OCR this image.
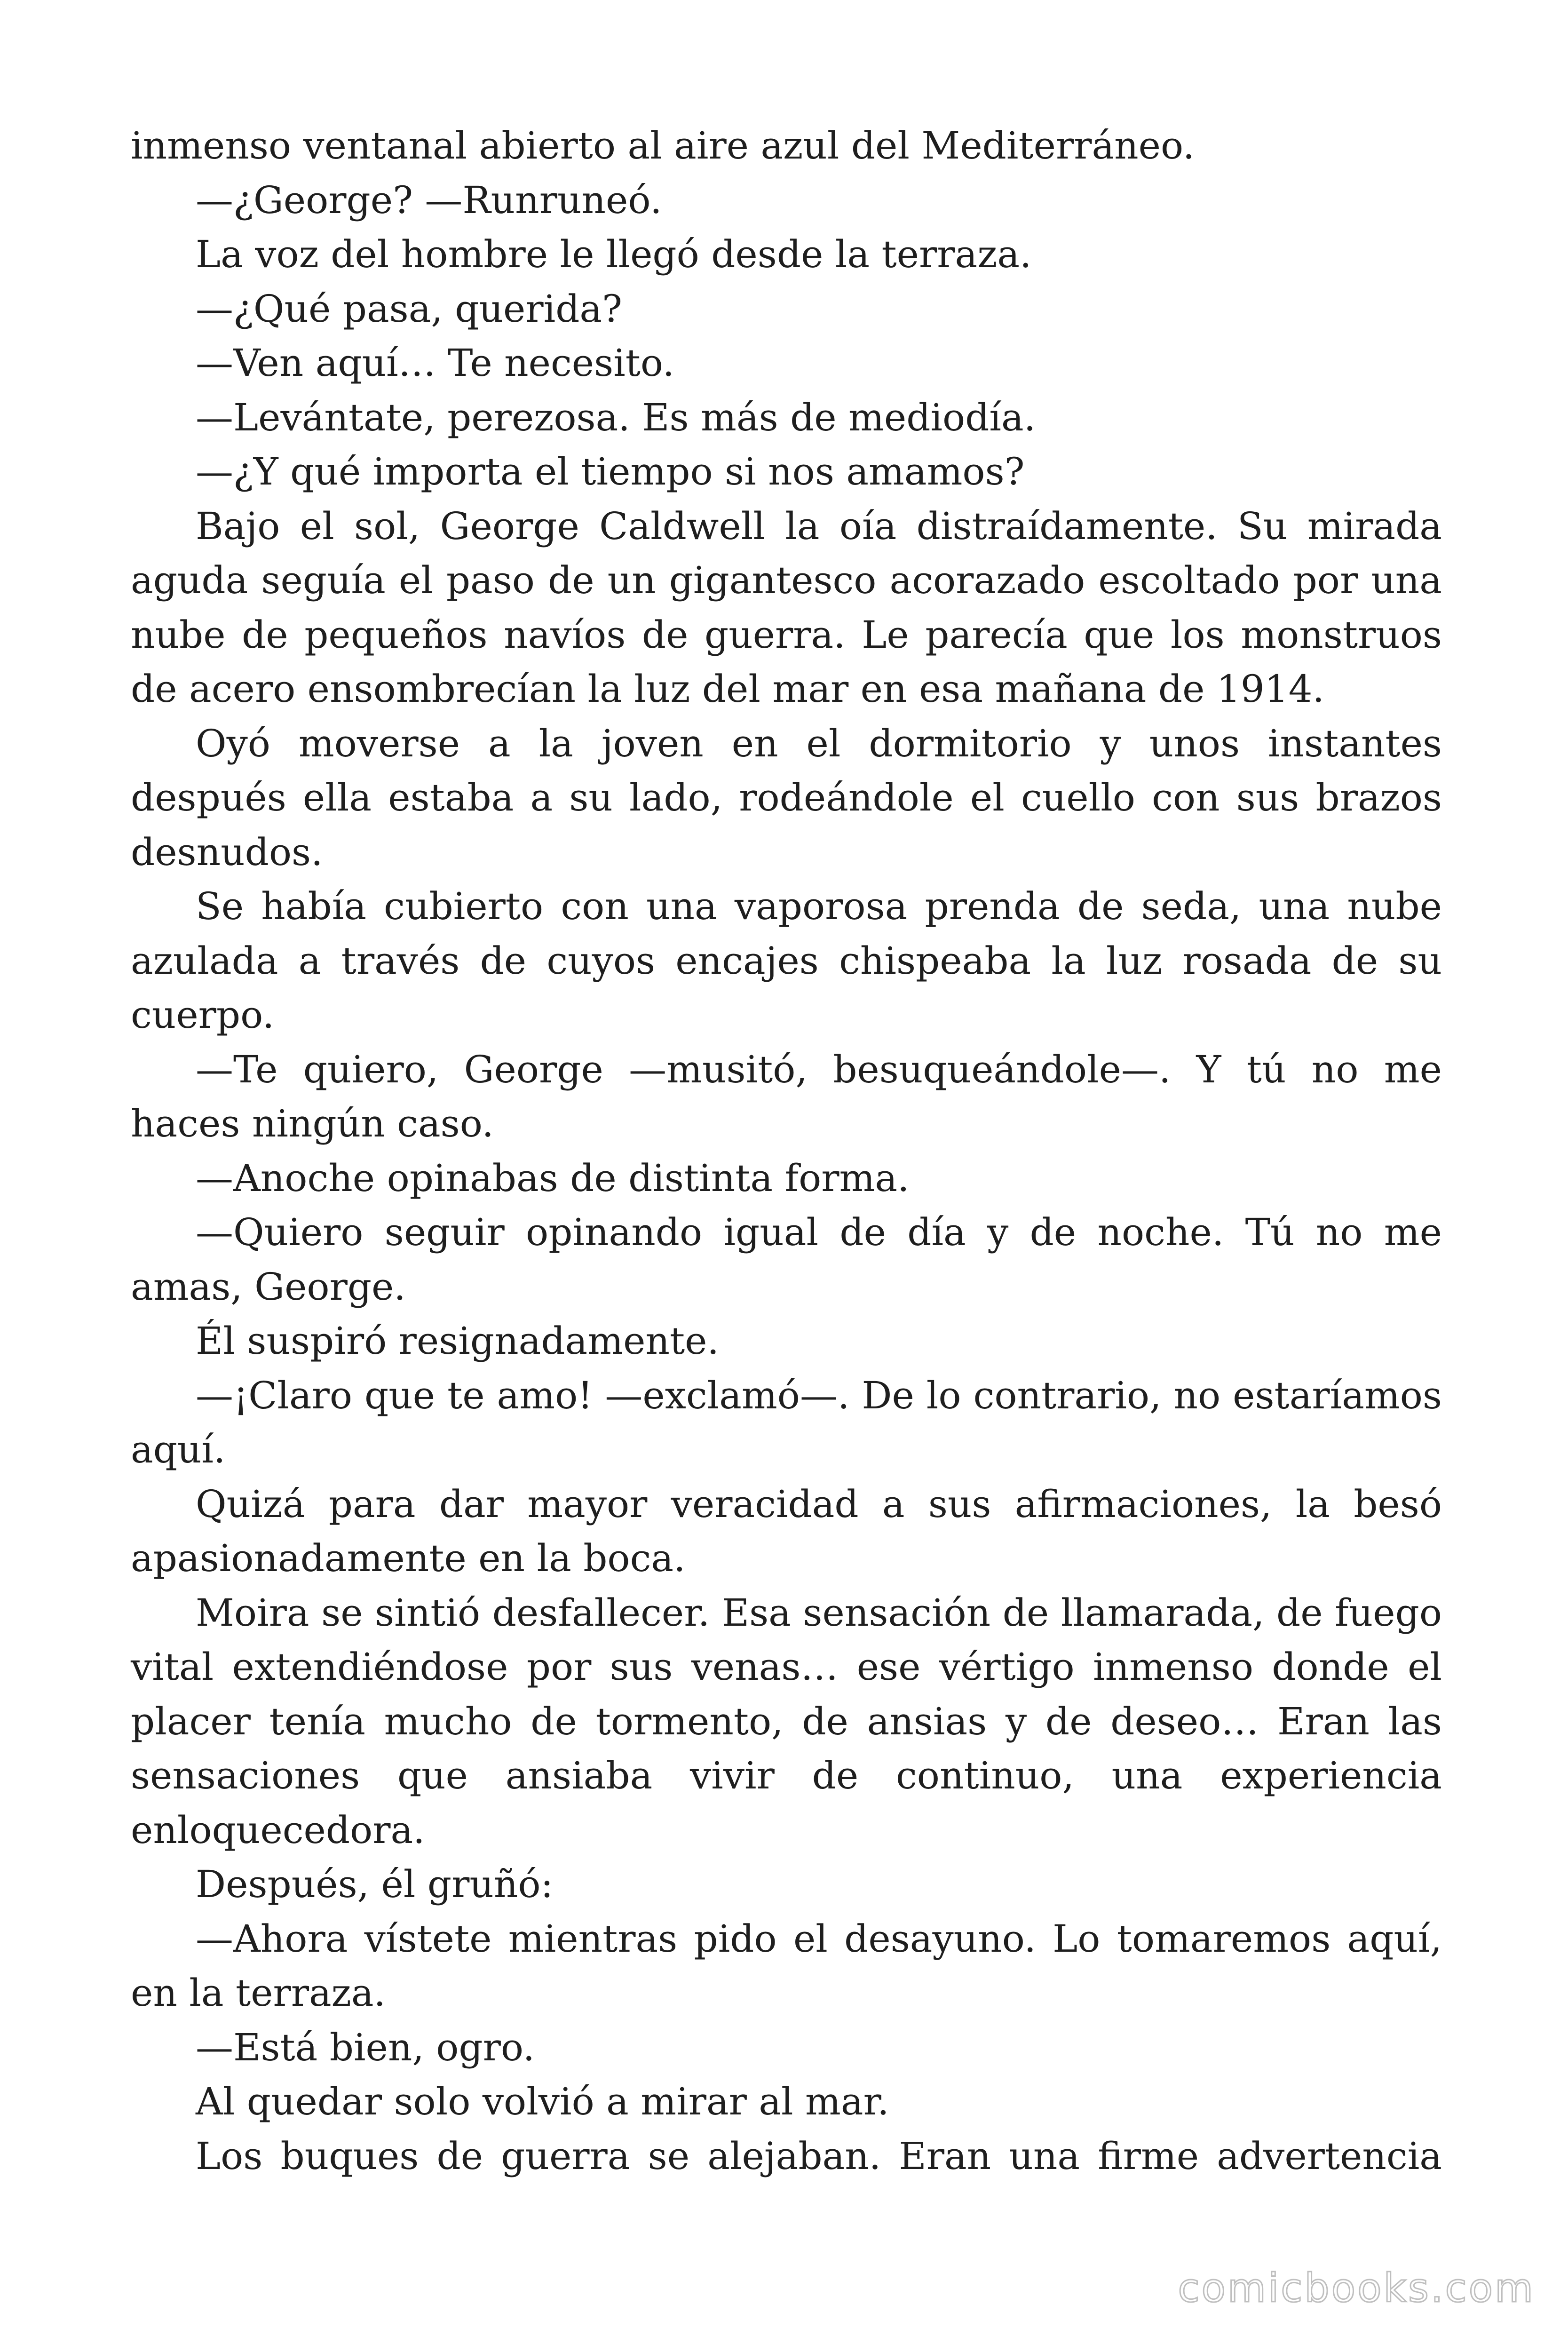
inmenso ventanal abierto al aire azul del Mediterráneo.

—¿George? —Runruneó.

La voz del hombre le llegó desde la terraza.

—¿Qué pasa, querida?

—Ven aquí… Te necesito.

—Levántate, perezosa. Es más de mediodía.

—¿Y qué importa el tiempo si nos amamos?

Bajo el sol, George Caldwell la oía distraídamente. Su mirada aguda seguía el paso de un gigantesco acorazado escoltado por una nube de pequeños navíos de guerra. Le parecía que los monstruos de acero ensombrecían la luz del mar en esa mañana de 1914.

Oyó moverse a la joven en el dormitorio y unos instantes después ella estaba a su lado, rodeándole el cuello con sus brazos desnudos.

Se había cubierto con una vaporosa prenda de seda, una nube azulada a través de cuyos encajes chispeaba la luz rosada de su cuerpo.

—Te quiero, George —musitó, besuqueándole—. Y tú no me haces ningún caso.

—Anoche opinabas de distinta forma.

—Quiero seguir opinando igual de día y de noche. Tú no me amas, George.

Él suspiró resignadamente.

—¡Claro que te amo! —exclamó—. De lo contrario, no estaríamos aquí.

Quizá para dar mayor veracidad a sus afirmaciones, la besó apasionadamente en la boca.

Moira se sintió desfallecer. Esa sensación de llamarada, de fuego vital extendiéndose por sus venas… ese vértigo inmenso donde el placer tenía mucho de tormento, de ansias y de deseo… Eran las sensaciones que ansiaba vivir de continuo, una experiencia enloquecedora.

Después, él gruñó:

—Ahora vístete mientras pido el desayuno. Lo tomaremos aquí, en la terraza.

—Está bien, ogro.

Al quedar solo volvió a mirar al mar.

Los buques de guerra se alejaban. Eran una firme advertencia

comicbooks.com
